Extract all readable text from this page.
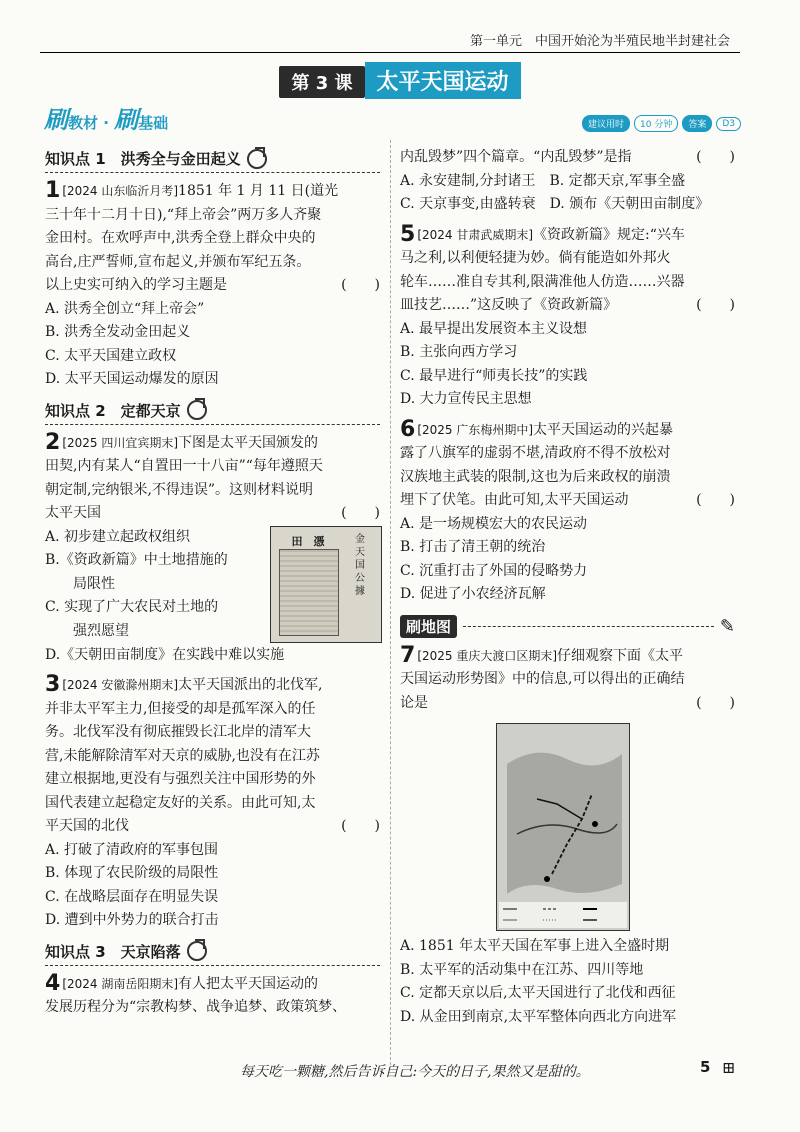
第一单元　中国开始沦为半殖民地半封建社会
第 3 课 太平天国运动
刷教材 · 刷基础	建议用时	10 分钟	答案	D3
知识点 1　洪秀全与金田起义
1 [2024 山东临沂月考]1851 年 1 月 11 日(道光
三十年十二月十日),“拜上帝会”两万多人齐聚
金田村。在欢呼声中,洪秀全登上群众中央的
高台,庄严誓师,宣布起义,并颁布军纪五条。
以上史实可纳入的学习主题是	(　　)
A. 洪秀全创立“拜上帝会”
B. 洪秀全发动金田起义
C. 太平天国建立政权
D. 太平天国运动爆发的原因
知识点 2　定都天京
2 [2025 四川宜宾期末]下图是太平天国颁发的
田契,内有某人“自置田一十八亩”“每年遵照天
朝定制,完纳银米,不得违误”。这则材料说明
太平天国	(　　)
A. 初步建立起政权组织
B.《资政新篇》中土地措施的
局限性
C. 实现了广大农民对土地的
强烈愿望
田　憑	金　天　国　公　據
D.《天朝田亩制度》在实践中难以实施
3 [2024 安徽滁州期末]太平天国派出的北伐军,
并非太平军主力,但接受的却是孤军深入的任
务。北伐军没有彻底摧毁长江北岸的清军大
营,未能解除清军对天京的威胁,也没有在江苏
建立根据地,更没有与强烈关注中国形势的外
国代表建立起稳定友好的关系。由此可知,太
平天国的北伐	(　　)
A. 打破了清政府的军事包围
B. 体现了农民阶级的局限性
C. 在战略层面存在明显失误
D. 遭到中外势力的联合打击
知识点 3　天京陷落
4 [2024 湖南岳阳期末]有人把太平天国运动的
发展历程分为“宗教构梦、战争追梦、政策筑梦、
内乱毁梦”四个篇章。“内乱毁梦”是指	(　　)
A. 永安建制,分封诸王　 B. 定都天京,军事全盛
C. 天京事变,由盛转衰　 D. 颁布《天朝田亩制度》
5 [2024 甘肃武威期末]《资政新篇》规定:“兴车
马之利,以利便轻捷为妙。倘有能造如外邦火
轮车……准自专其利,限满准他人仿造……兴器
皿技艺……”这反映了《资政新篇》	(　　)
A. 最早提出发展资本主义设想
B. 主张向西方学习
C. 最早进行“师夷长技”的实践
D. 大力宣传民主思想
6 [2025 广东梅州期中]太平天国运动的兴起暴
露了八旗军的虚弱不堪,清政府不得不放松对
汉族地主武装的限制,这也为后来政权的崩溃
埋下了伏笔。由此可知,太平天国运动	(　　)
A. 是一场规模宏大的农民运动
B. 打击了清王朝的统治
C. 沉重打击了外国的侵略势力
D. 促进了小农经济瓦解
刷地图	✎
7 [2025 重庆大渡口区期末]仔细观察下面《太平
天国运动形势图》中的信息,可以得出的正确结
论是	(　　)
A. 1851 年太平天国在军事上进入全盛时期
B. 太平军的活动集中在江苏、四川等地
C. 定都天京以后,太平天国进行了北伐和西征
D. 从金田到南京,太平军整体向西北方向进军
每天吃一颗糖,然后告诉自己:今天的日子,果然又是甜的。	5 ⊞
